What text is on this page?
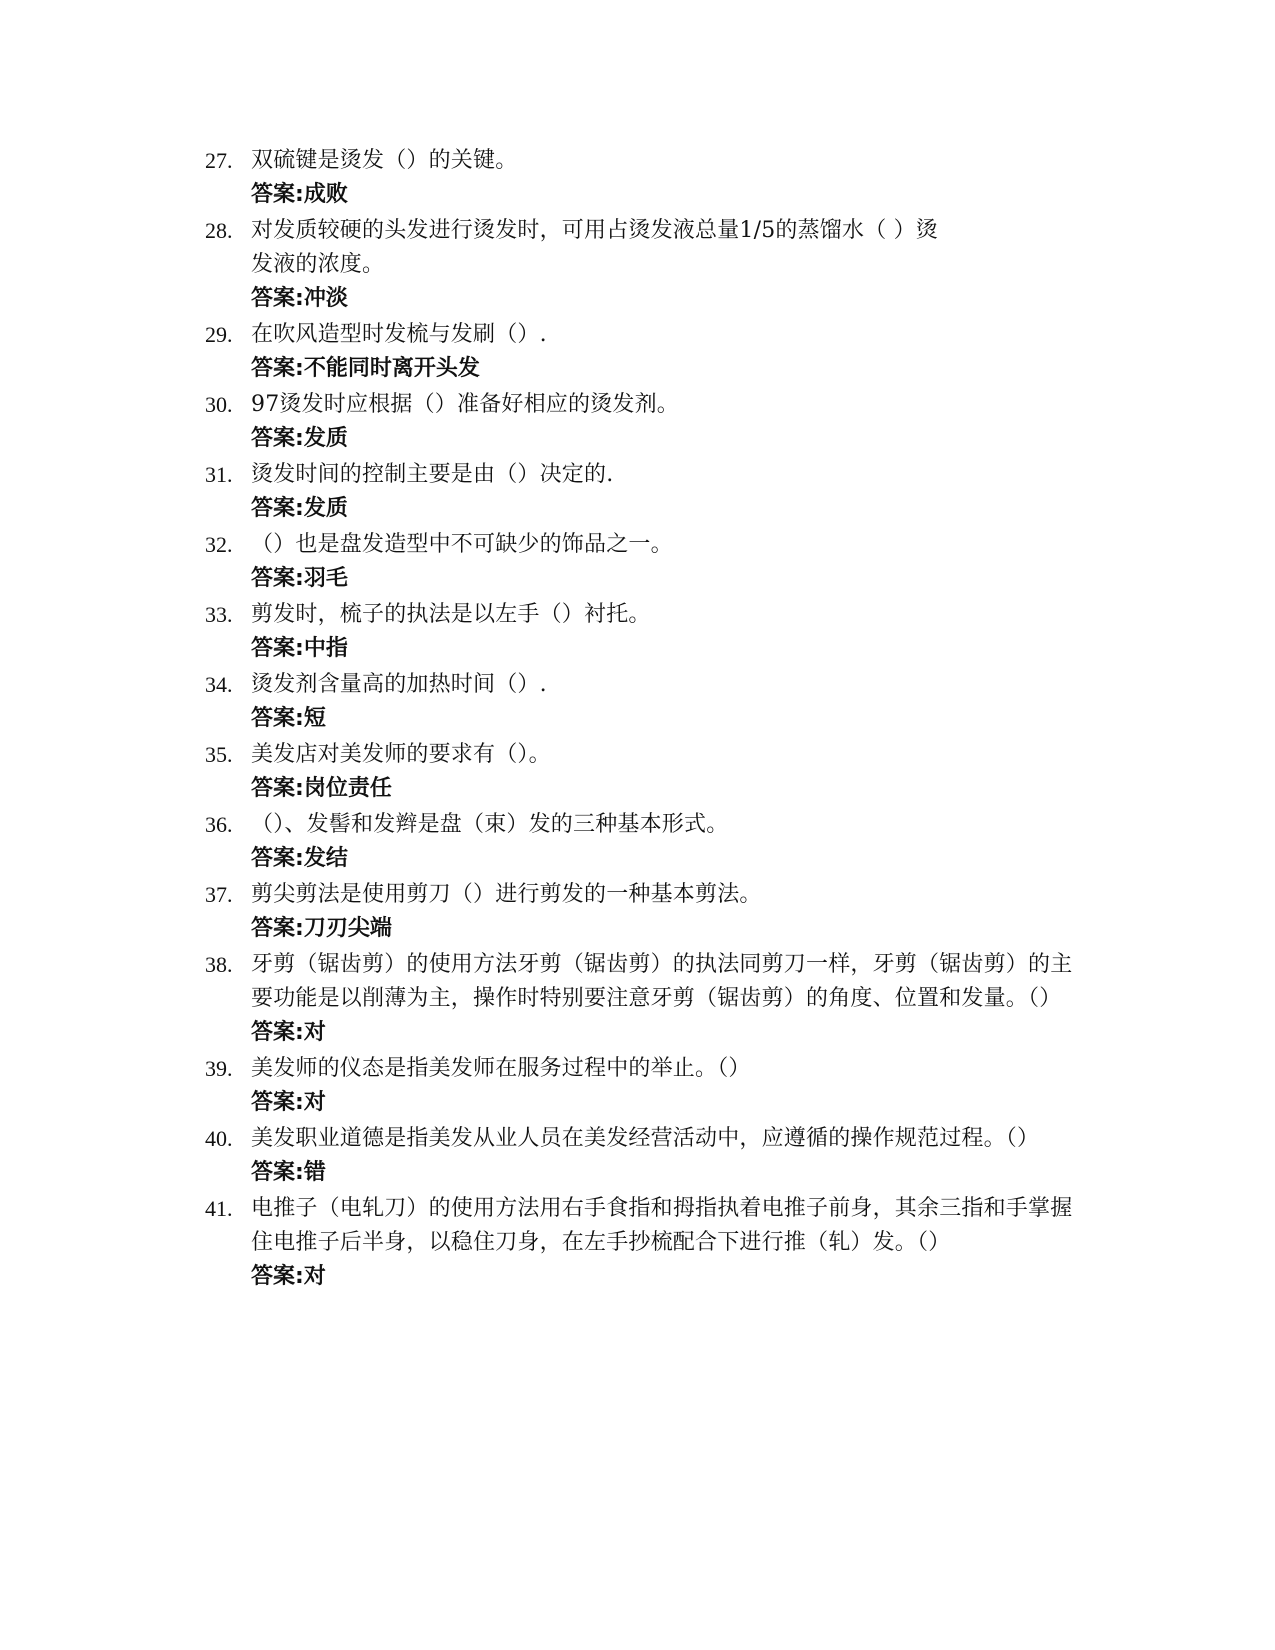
27. 双硫键是烫发（）的关键。
答案:成败
28. 对发质较硬的头发进行烫发时，可用占烫发液总量1/5的蒸馏水（ ）烫发液的浓度。
答案:冲淡
29. 在吹风造型时发梳与发刷（）.
答案:不能同时离开头发
30. 97烫发时应根据（）准备好相应的烫发剂。
答案:发质
31. 烫发时间的控制主要是由（）决定的.
答案:发质
32. （）也是盘发造型中不可缺少的饰品之一。
答案:羽毛
33. 剪发时，梳子的执法是以左手（）衬托。
答案:中指
34. 烫发剂含量高的加热时间（）.
答案:短
35. 美发店对美发师的要求有（）。
答案:岗位责任
36. （）、发髻和发辫是盘（束）发的三种基本形式。
答案:发结
37. 剪尖剪法是使用剪刀（）进行剪发的一种基本剪法。
答案:刀刃尖端
38. 牙剪（锯齿剪）的使用方法牙剪（锯齿剪）的执法同剪刀一样，牙剪（锯齿剪）的主要功能是以削薄为主，操作时特别要注意牙剪（锯齿剪）的角度、位置和发量。（）
答案:对
39. 美发师的仪态是指美发师在服务过程中的举止。（）
答案:对
40. 美发职业道德是指美发从业人员在美发经营活动中，应遵循的操作规范过程。（）
答案:错
41. 电推子（电轧刀）的使用方法用右手食指和拇指执着电推子前身，其余三指和手掌握住电推子后半身，以稳住刀身，在左手抄梳配合下进行推（轧）发。（）
答案:对
